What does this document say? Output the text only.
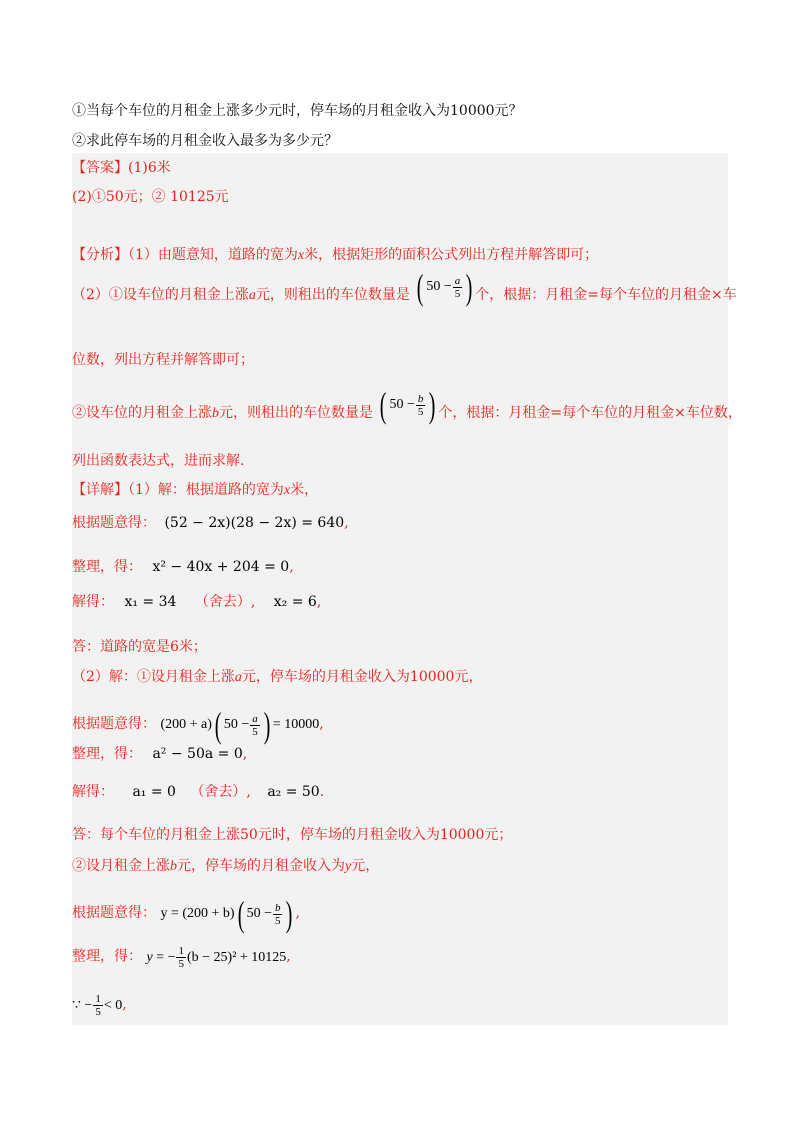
①当每个车位的月租金上涨多少元时，停车场的月租金收入为10000元？
②求此停车场的月租金收入最多为多少元？
【答案】(1)6米
(2)①50元；② 10125元
【分析】（1）由题意知，道路的宽为x米，根据矩形的面积公式列出方程并解答即可；
（2）①设车位的月租金上涨a元，则租出的车位数量是 ( $50 - \frac{a}{5}$ ) 个，根据：月租金=每个车位的月租金×车
位数，列出方程并解答即可；
②设车位的月租金上涨b元，则租出的车位数量是 ( $50 - \frac{b}{5}$ ) 个，根据：月租金=每个车位的月租金×车位数，
列出函数表达式，进而求解.
【详解】（1）解：根据道路的宽为x米，
根据题意得： (52 − 2x)(28 − 2x) = 640,
整理，得： x² − 40x + 204 = 0,
解得： x₁ = 34 （舍去）, x₂ = 6,
答：道路的宽是6米；
（2）解：①设月租金上涨a元，停车场的月租金收入为10000元，
根据题意得： (200 + a) ( $50 - \frac{a}{5}$ ) = 10000 ,
整理，得： a² − 50a = 0,
解得： a₁ = 0 （舍去）, a₂ = 50.
答：每个车位的月租金上涨50元时，停车场的月租金收入为10000元；
②设月租金上涨b元，停车场的月租金收入为y元，
根据题意得： y = (200 + b) ( $50 - \frac{b}{5}$ ) ,
整理，得： y = − $\frac{1}{5} (b - 25)^2 + 10125$ ,
∵ − $\frac{1}{5} < 0$ ,
